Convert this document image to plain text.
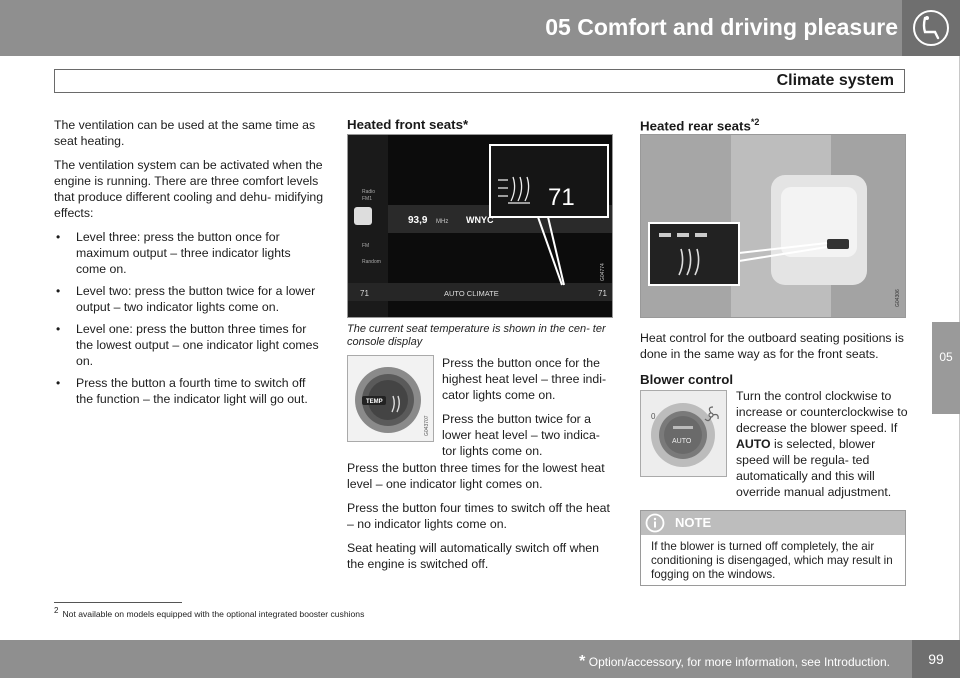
05 Comfort and driving pleasure
Climate system
05

The ventilation can be used at the same time as seat heating.

The ventilation system can be activated when the engine is running. There are three comfort levels that produce different cooling and dehu- midifying effects:

• Level three: press the button once for maximum output – three indicator lights come on.
• Level two: press the button twice for a lower output – two indicator lights come on.
• Level one: press the button three times for the lowest output – one indicator light comes on.
• Press the button a fourth time to switch off the function – the indicator light will go out.
Heated front seats*
Radio
FM1
93,9 MHz WNYC
FM
Random
71
71	AUTO CLIMATE	71
G04774
The current seat temperature is shown in the cen- ter console display
TEMP
G043707

Press the button once for the highest heat level – three indi- cator lights come on.

Press the button twice for a lower heat level – two indica- tor lights come on.

Press the button three times for the lowest heat level – one indicator light comes on.

Press the button four times to switch off the heat – no indicator lights come on.

Seat heating will automatically switch off when the engine is switched off.

Heated rear seats$^{*2}$
G04306

Heat control for the outboard seating positions is done in the same way as for the front seats.

Blower control
0
AUTO

Turn the control clockwise to increase or counterclockwise to decrease the blower speed. If AUTO is selected, blower speed will be regula- ted automatically and this will override manual adjustment.

NOTE
If the blower is turned off completely, the air conditioning is disengaged, which may result in fogging on the windows.
$^2$ Not available on models equipped with the optional integrated booster cushions
* Option/accessory, for more information, see Introduction.	99
